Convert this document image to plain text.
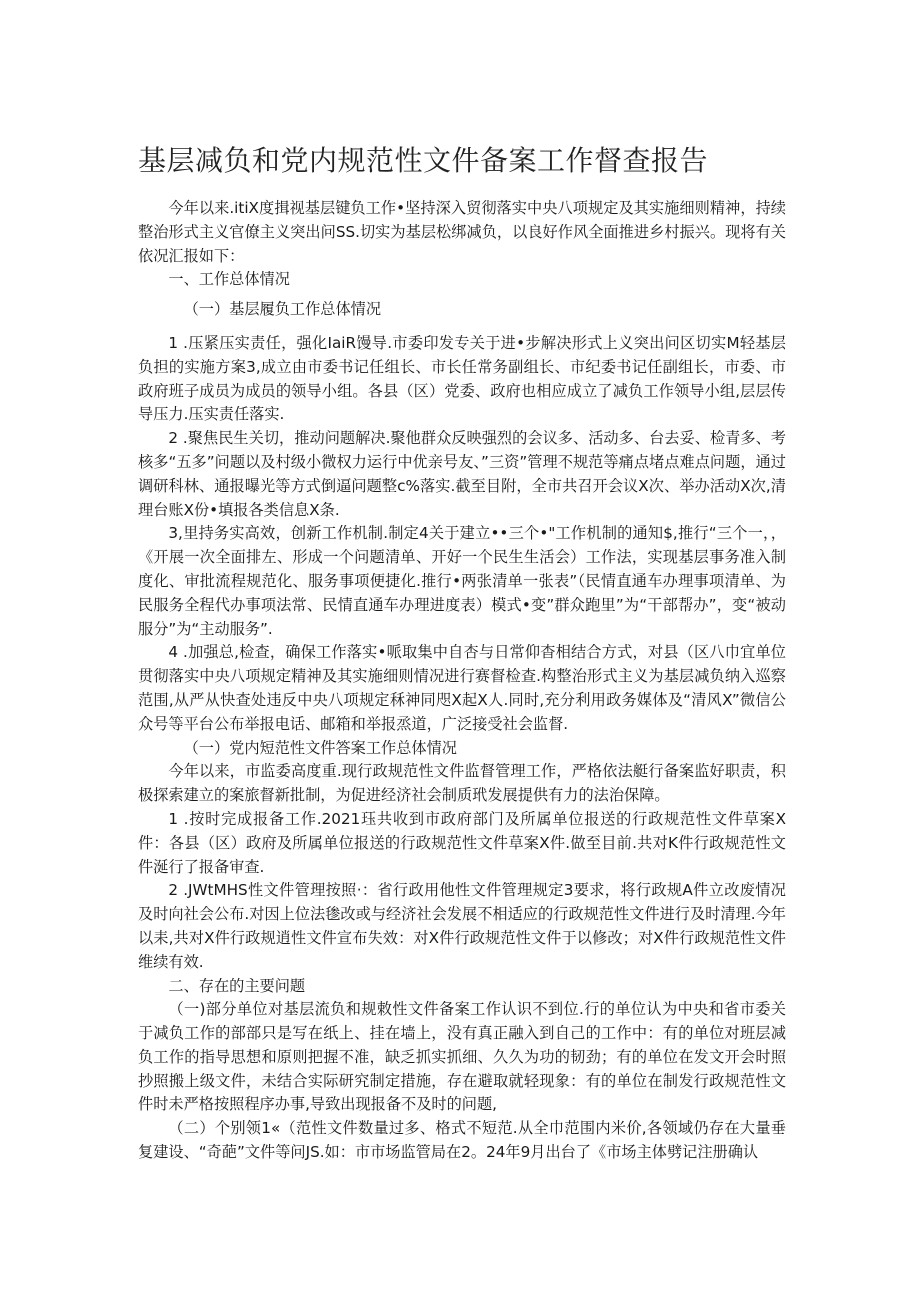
基层减负和党内规范性文件备案工作督查报告

今年以来.itiX度揖视基层键负工作•坚持深入贸彻落实中央八项规定及其实施细则精神，持续整治形式主义官僚主义突出问SS.切实为基层松绑减负，以良好作风全面推进乡村振兴。现将有关依况汇报如下：

一、工作总体情况

（一）基层履负工作总体情况

1 .压紧压实责任，强化IaiR馒导.市委印发专关于进•步解决形式上义突出问区切实M轻基层负担的实施方案3,成立由市委书记任组长、市长任常务副组长、市纪委书记任副组长，市委、市政府班子成员为成员的领导小组。各县（区）党委、政府也相应成立了减负工作领导小组,层层传导压力.压实责任落实.

2 .聚焦民生关切，推动问题解决.聚他群众反映强烈的会议多、活动多、台去妥、检青多、考核多“五多”问题以及村级小微权力运行中优亲号友、”三资”管理不规范等痛点堵点难点问题，通过调研科林、通报曝光等方式倒逼问题整c%落实.截至目附，全市共召开会议X次、举办活动X次,清理台账X份•填报各类信息X条.

3,里持务实高效，创新工作机制.制定4关于建立••三个•"工作机制的通知$,推行“三个一，，《开展一次全面排左、形成一个问题清单、开好一个民生生活会）工作法，实现基层事务准入制度化、审批流程规范化、服务事项便捷化.推行•两张清单一张表”（民情直通车办理事项清单、为民服务全程代办事项法常、民情直通车办理进度表）模式•变”群众跑里”为“干部帮办”，变“被动服分”为“主动服务”.

4 .加强总,检查，确保工作落实•哌取集中自杏与日常仰杳相结合方式，对县（区八巾宜单位贯彻落实中央八项规定精神及其实施细则情况进行赛督检查.构整治形式主义为基层减负纳入巡察范围,从严从快查处违反中央八项规定秝神同咫X起X人.同时,充分利用政务媒体及“清风X”微信公众号等平台公布举报电话、邮箱和举报烝道，广泛接受社会监督.

（一）党内短范性文件答案工作总体情况

今年以来，市监委高度重.现行政规范性文件监督管理工作，严格依法艇行备案监好职责，积极探索建立的案旅督新批制，为促进经济社会制质玳发展提供有力的法治保障。

1 .按时完成报备工作.2021珏共收到市政府部门及所属单位报送的行政规范性文件草案X件：各县（区）政府及所属单位报送的行政规范性文件草案X件.做至目前.共对K件行政规范性文件涎行了报备审查.

2 .JWtMHS性文件管理按照·：省行政用他性文件管理规定3要求，将行政规A件立改废情况及时向社会公布.对因上位法毶改或与经济社会发展不相适应的行政规范性文件进行及时清理.今年以耒,共对X件行政规逍性文件宣布失效：对X件行政规范性文件于以修改；对X件行政规范性文件维续有效.

二、存在的主要问题

（一)部分单位对基层流负和规敕性文件备案工作认识不到位.行的单位认为中央和省市委关于减负工作的部部只是写在纸上、挂在墙上，没有真正融入到自己的工作中：有的单位对班层减负工作的指导思想和原则把握不准，缺乏抓实抓细、久久为功的韧劲；有的单位在发文开会时照抄照搬上级文件，未结合实际研究制定措施，存在避取就轻现象：有的单位在制发行政规范性文件时未严格按照程序办事,导致出现报备不及时的问题,

（二）个别领1«（范性文件数量过多、格式不短范.从全巾范围内米价,各领域仍存在大量垂复建设、“奇葩”文件等问JS.如：市市场监管局在2。24年9月出台了《市场主体劈记注册确认
